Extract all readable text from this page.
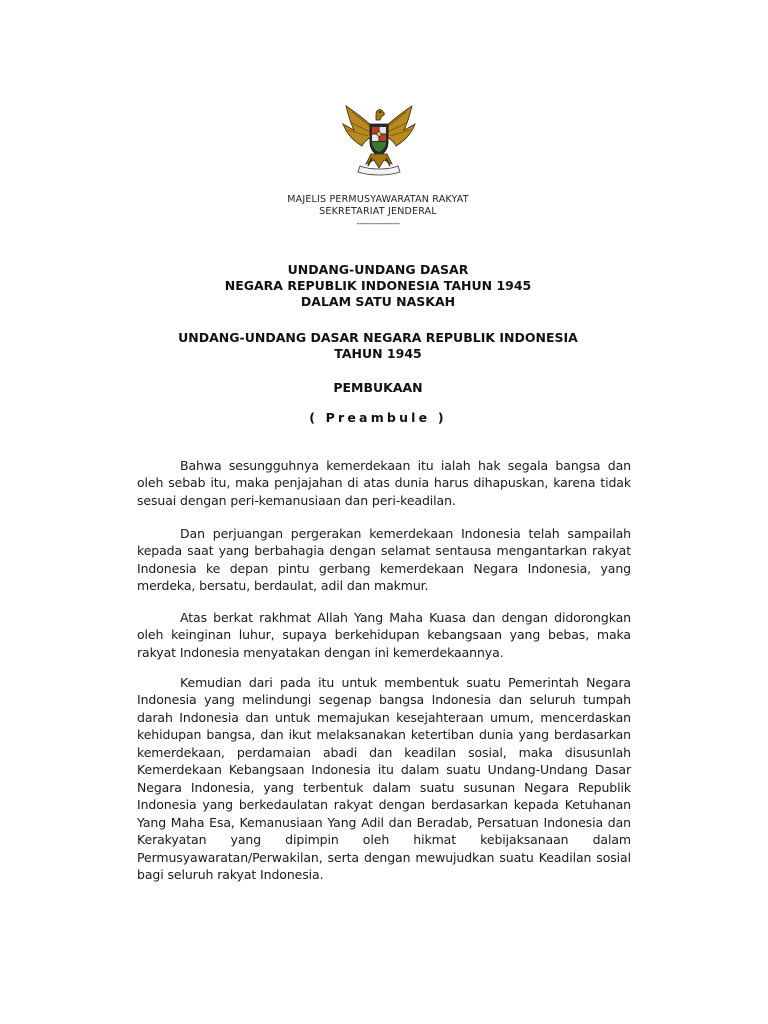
MAJELIS PERMUSYAWARATAN RAKYAT
SEKRETARIAT JENDERAL
------------------
UNDANG-UNDANG DASAR
NEGARA REPUBLIK INDONESIA TAHUN 1945
DALAM SATU NASKAH
UNDANG-UNDANG DASAR NEGARA REPUBLIK INDONESIA
TAHUN 1945
PEMBUKAAN
( Preambule )

Bahwa sesungguhnya kemerdekaan itu ialah hak segala bangsa dan oleh sebab itu, maka penjajahan di atas dunia harus dihapuskan, karena tidak sesuai dengan peri-kemanusiaan dan peri-keadilan.

Dan perjuangan pergerakan kemerdekaan Indonesia telah sampailah kepada saat yang berbahagia dengan selamat sentausa mengantarkan rakyat Indonesia ke depan pintu gerbang kemerdekaan Negara Indonesia, yang merdeka, bersatu, berdaulat, adil dan makmur.

Atas berkat rakhmat Allah Yang Maha Kuasa dan dengan didorongkan oleh keinginan luhur, supaya berkehidupan kebangsaan yang bebas, maka rakyat Indonesia menyatakan dengan ini kemerdekaannya.

Kemudian dari pada itu untuk membentuk suatu Pemerintah Negara Indonesia yang melindungi segenap bangsa Indonesia dan seluruh tumpah darah Indonesia dan untuk memajukan kesejahteraan umum, mencerdaskan kehidupan bangsa, dan ikut melaksanakan ketertiban dunia yang berdasarkan kemerdekaan, perdamaian abadi dan keadilan sosial, maka disusunlah Kemerdekaan Kebangsaan Indonesia itu dalam suatu Undang-Undang Dasar Negara Indonesia, yang terbentuk dalam suatu susunan Negara Republik Indonesia yang berkedaulatan rakyat dengan berdasarkan kepada Ketuhanan Yang Maha Esa, Kemanusiaan Yang Adil dan Beradab, Persatuan Indonesia dan Kerakyatan yang dipimpin oleh hikmat kebijaksanaan dalam Permusyawaratan/Perwakilan, serta dengan mewujudkan suatu Keadilan sosial bagi seluruh rakyat Indonesia.
